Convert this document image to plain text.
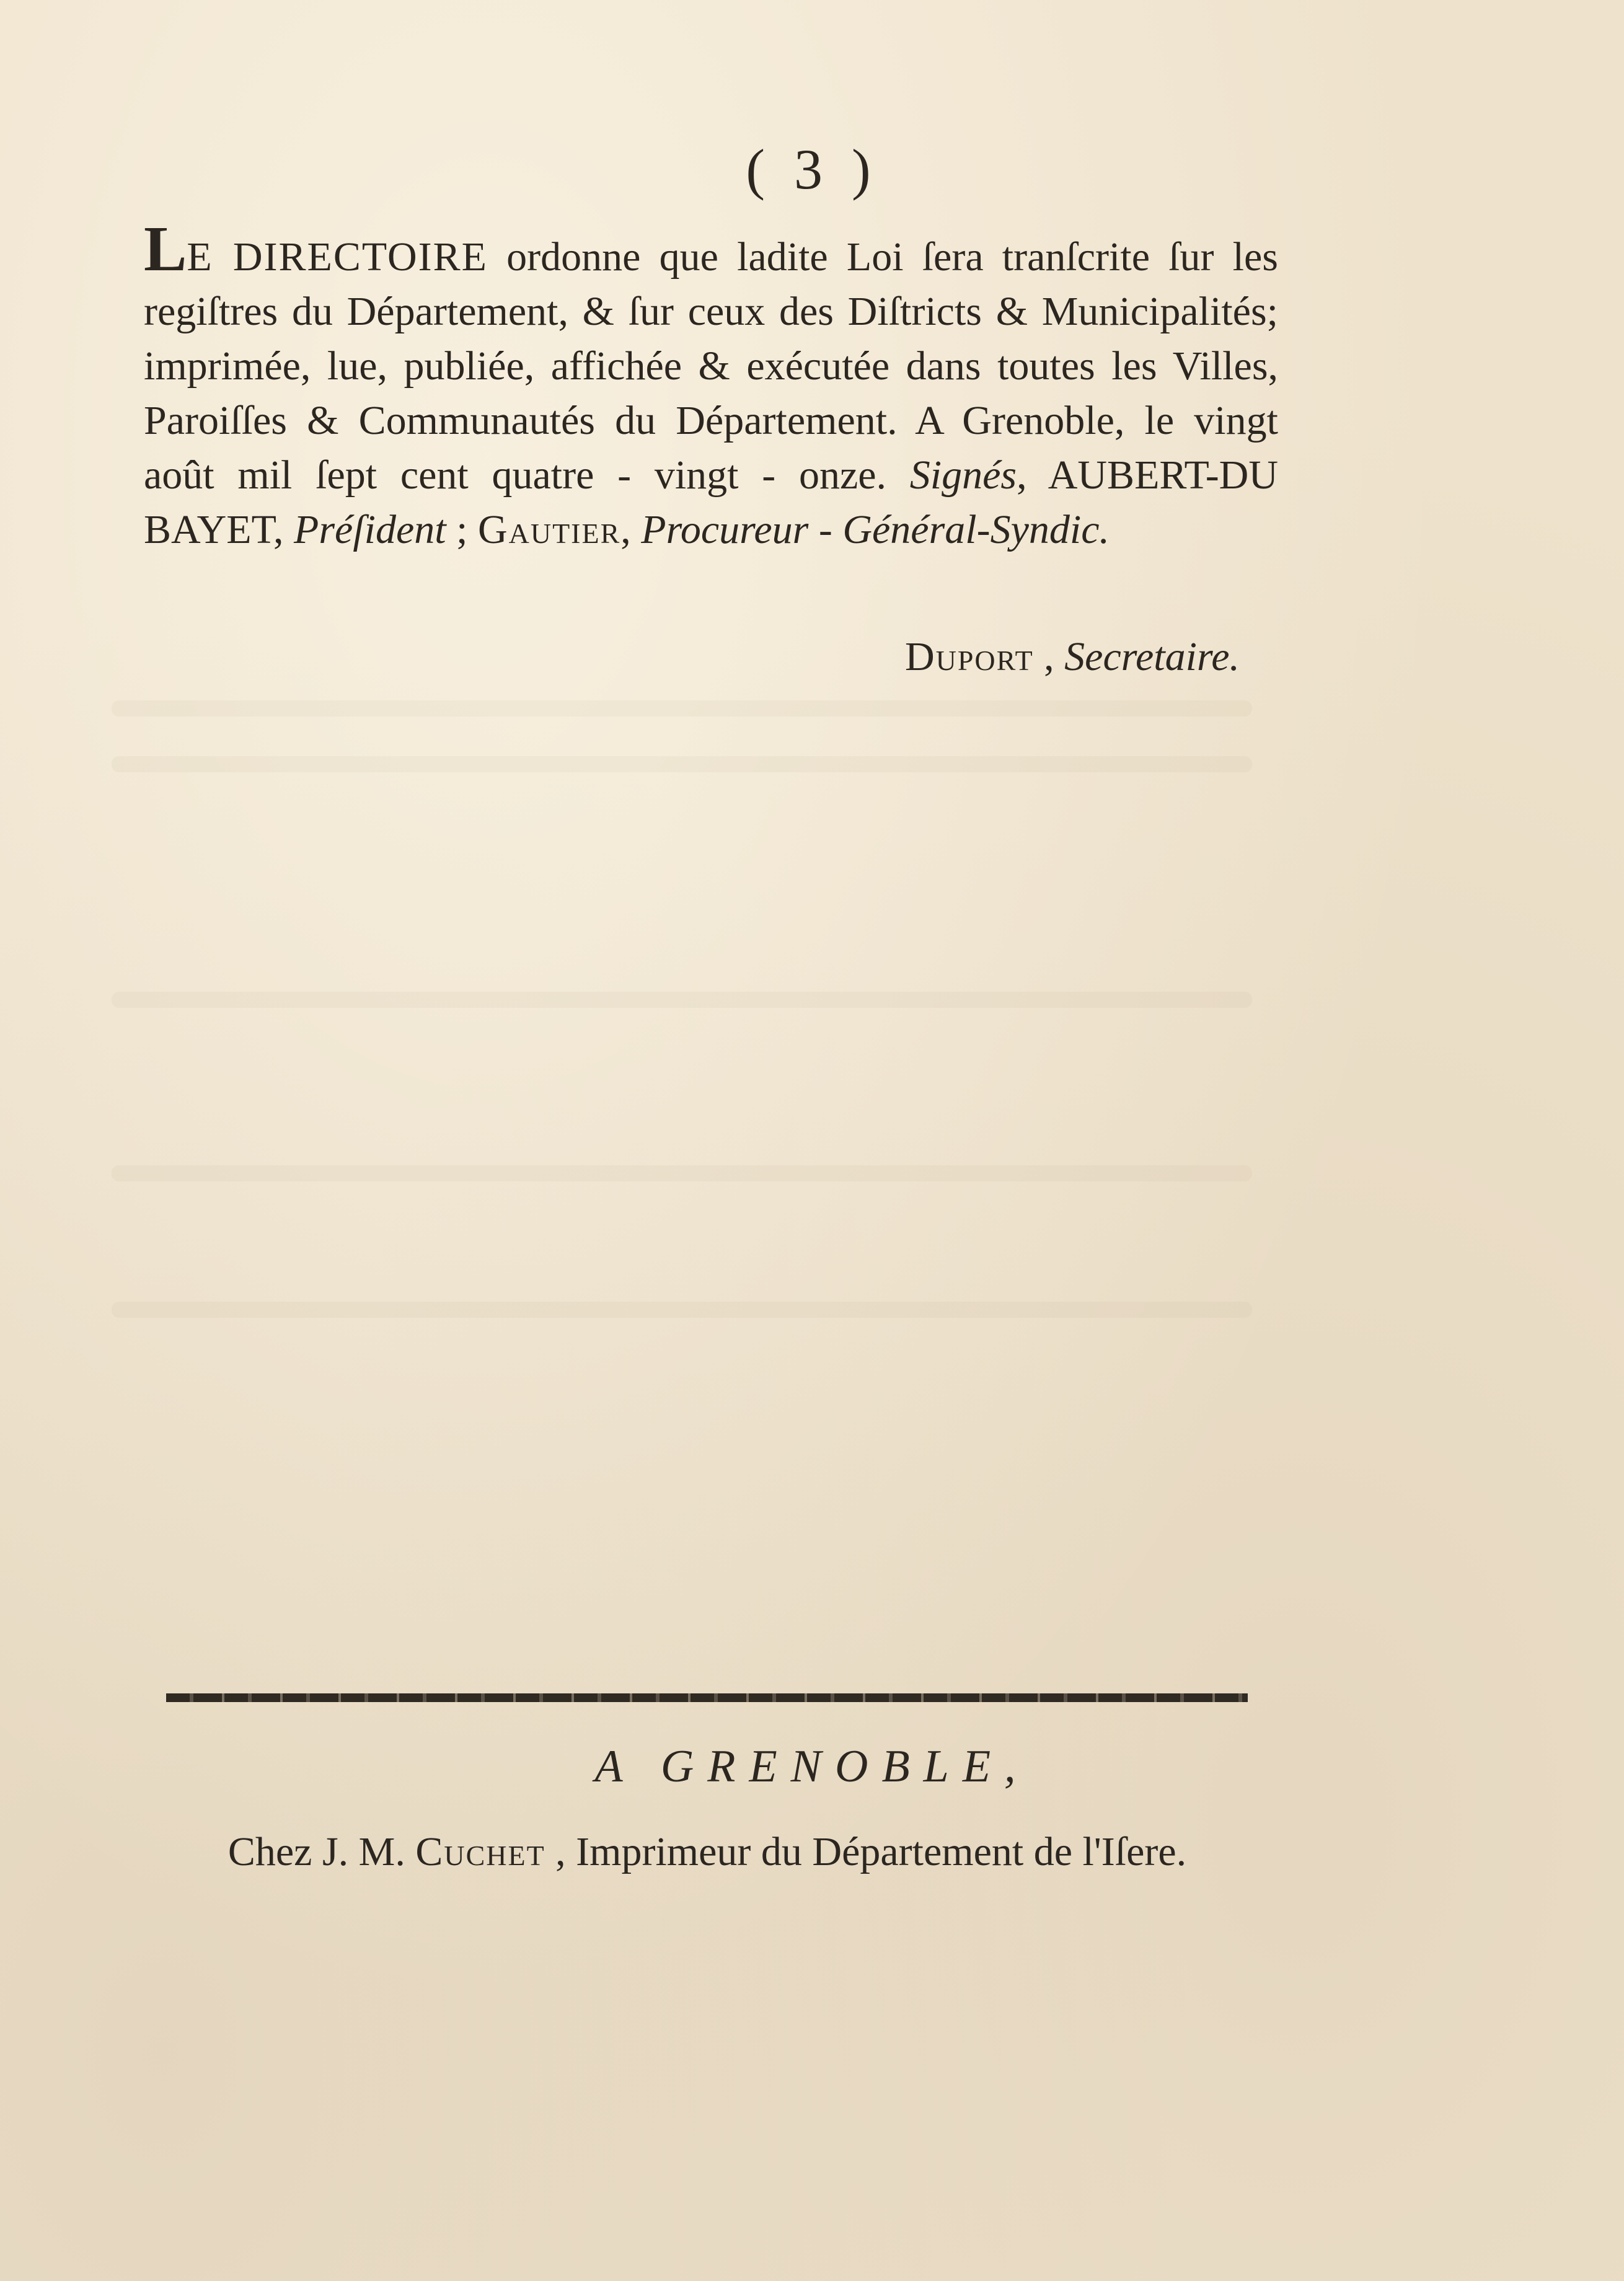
( 3 )
LE DIRECTOIRE ordonne que ladite Loi ſera tranſcrite ſur les regiſtres du Département, & ſur ceux des Diſtricts & Municipalités; imprimée, lue, publiée, affichée & exécutée dans toutes les Villes, Paroiſſes & Communautés du Département. A Grenoble, le vingt août mil ſept cent quatre - vingt - onze. Signés, AUBERT-DU BAYET, Préſident ; Gautier, Procureur - Général-Syndic.
Duport , Secretaire.
A GRENOBLE,
Chez J. M. Cuchet , Imprimeur du Département de l'Iſere.
